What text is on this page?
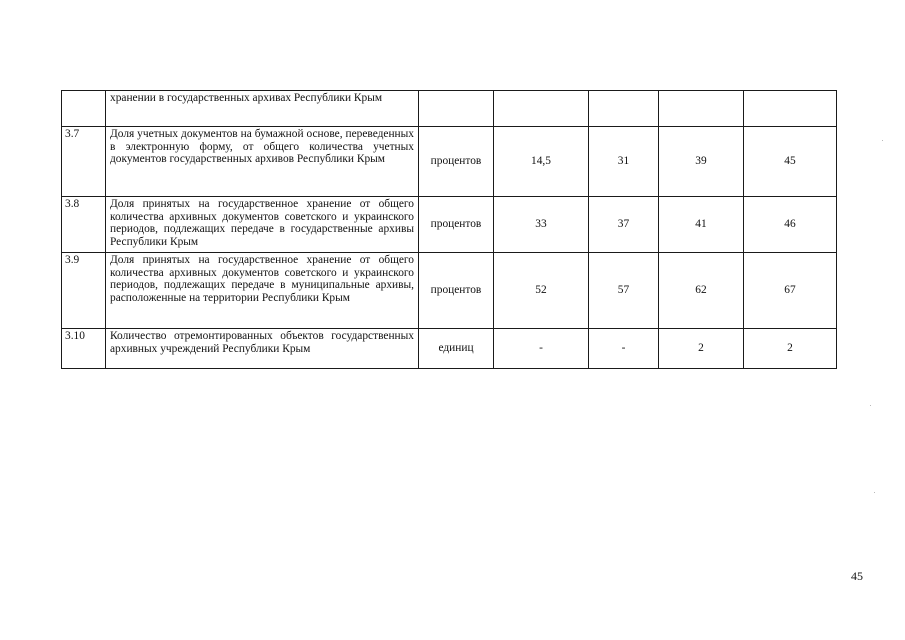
	хранении в государственных архивах Республики Крым					
3.7	Доля учетных документов на бумажной основе, переведенных в электронную форму, от общего количества учетных документов государственных архивов Республики Крым	процентов	14,5	31	39	45
3.8	Доля принятых на государственное хранение от общего количества архивных документов советского и украинского периодов, подлежащих передаче в государственные архивы Республики Крым	процентов	33	37	41	46
3.9	Доля принятых на государственное хранение от общего количества архивных документов советского и украинского периодов, подлежащих передаче в муниципальные архивы, расположенные на территории Республики Крым	процентов	52	57	62	67
3.10	Количество отремонтированных объектов государственных архивных учреждений Республики Крым	единиц	-	-	2	2
45
